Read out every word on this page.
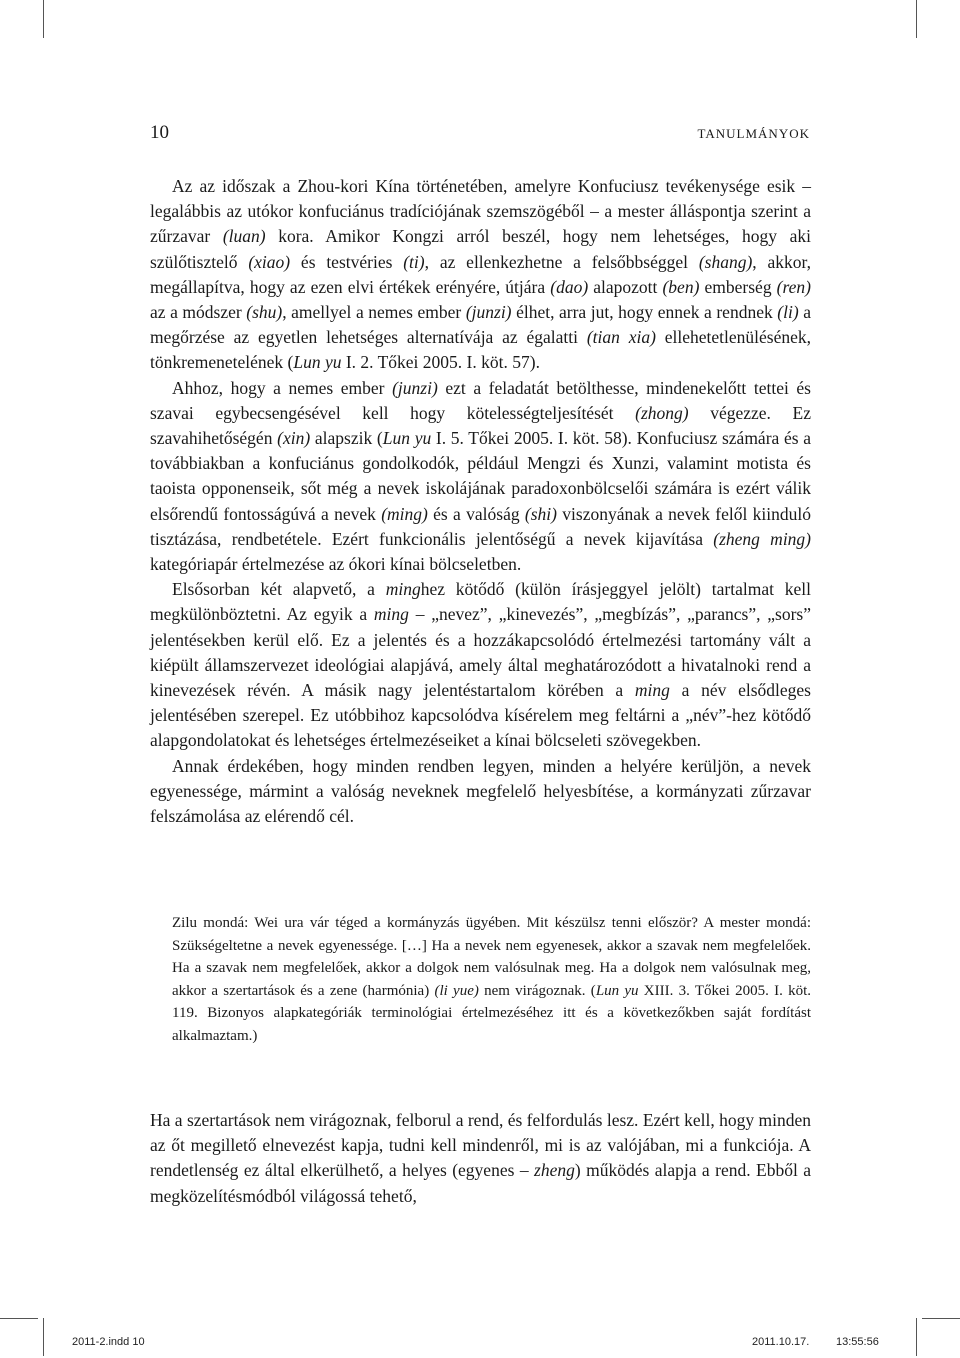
10	TANULMÁNYOK

Az az időszak a Zhou-kori Kína történetében, amelyre Konfuciusz tevékenysége esik – legalábbis az utókor konfuciánus tradíciójának szemszögéből – a mester álláspontja szerint a zűrzavar (luan) kora. Amikor Kongzi arról beszél, hogy nem lehetséges, hogy aki szülőtisztelő (xiao) és testvéries (ti), az ellenkezhetne a felsőbbséggel (shang), akkor, megállapítva, hogy az ezen elvi értékek erényére, útjára (dao) alapozott (ben) emberség (ren) az a módszer (shu), amellyel a nemes ember (junzi) élhet, arra jut, hogy ennek a rendnek (li) a megőrzése az egyetlen lehetséges alternatívája az égalatti (tian xia) ellehetetlenülésének, tönkremenetelének (Lun yu I. 2. Tőkei 2005. I. köt. 57).

Ahhoz, hogy a nemes ember (junzi) ezt a feladatát betölthesse, mindenekelőtt tettei és szavai egybecsengésével kell hogy kötelességteljesítését (zhong) végezze. Ez szavahihetőségén (xin) alapszik (Lun yu I. 5. Tőkei 2005. I. köt. 58). Konfuciusz számára és a továbbiakban a konfuciánus gondolkodók, például Mengzi és Xunzi, valamint motista és taoista opponenseik, sőt még a nevek iskolájának paradoxonbölcselői számára is ezért válik elsőrendű fontosságúvá a nevek (ming) és a valóság (shi) viszonyának a nevek felől kiinduló tisztázása, rendbetétele. Ezért funkcionális jelentőségű a nevek kijavítása (zheng ming) kategóriapár értelmezése az ókori kínai bölcseletben.

Elsősorban két alapvető, a minghez kötődő (külön írásjeggyel jelölt) tartalmat kell megkülönböztetni. Az egyik a ming – „nevez”, „kinevezés”, „megbízás”, „parancs”, „sors” jelentésekben kerül elő. Ez a jelentés és a hozzákapcsolódó értelmezési tartomány vált a kiépült államszervezet ideológiai alapjává, amely által meghatározódott a hivatalnoki rend a kinevezések révén. A másik nagy jelentéstartalom körében a ming a név elsődleges jelentésében szerepel. Ez utóbbihoz kapcsolódva kísérelem meg feltárni a „név”-hez kötődő alapgondolatokat és lehetséges értelmezéseiket a kínai bölcseleti szövegekben.

Annak érdekében, hogy minden rendben legyen, minden a helyére kerüljön, a nevek egyenessége, mármint a valóság neveknek megfelelő helyesbítése, a kormányzati zűrzavar felszámolása az elérendő cél.

Zilu mondá: Wei ura vár téged a kormányzás ügyében. Mit készülsz tenni először? A mester mondá: Szükségeltetne a nevek egyenessége. […] Ha a nevek nem egyenesek, akkor a szavak nem megfelelőek. Ha a szavak nem megfelelőek, akkor a dolgok nem valósulnak meg. Ha a dolgok nem valósulnak meg, akkor a szertartások és a zene (harmónia) (li yue) nem virágoznak. (Lun yu XIII. 3. Tőkei 2005. I. köt. 119. Bizonyos alapkategóriák terminológiai értelmezéséhez itt és a következőkben saját fordítást alkalmaztam.)

Ha a szertartások nem virágoznak, felborul a rend, és felfordulás lesz. Ezért kell, hogy minden az őt megillető elnevezést kapja, tudni kell mindenről, mi is az valójában, mi a funkciója. A rendetlenség ez által elkerülhető, a helyes (egyenes – zheng) működés alapja a rend. Ebből a megközelítésmódból világossá tehető,

2011-2.indd 10	2011.10.17. 13:55:56
